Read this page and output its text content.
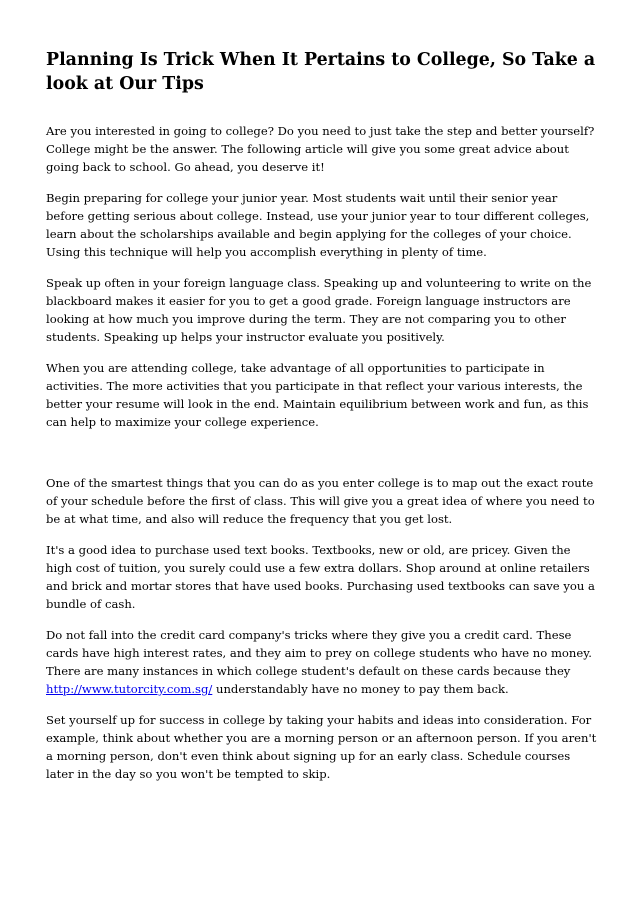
Planning Is Trick When It Pertains to College, So Take a look at Our Tips

Are you interested in going to college? Do you need to just take the step and better yourself? College might be the answer. The following article will give you some great advice about going back to school. Go ahead, you deserve it!

Begin preparing for college your junior year. Most students wait until their senior year before getting serious about college. Instead, use your junior year to tour different colleges, learn about the scholarships available and begin applying for the colleges of your choice. Using this technique will help you accomplish everything in plenty of time.

Speak up often in your foreign language class. Speaking up and volunteering to write on the blackboard makes it easier for you to get a good grade. Foreign language instructors are looking at how much you improve during the term. They are not comparing you to other students. Speaking up helps your instructor evaluate you positively.

When you are attending college, take advantage of all opportunities to participate in activities. The more activities that you participate in that reflect your various interests, the better your resume will look in the end. Maintain equilibrium between work and fun, as this can help to maximize your college experience.

One of the smartest things that you can do as you enter college is to map out the exact route of your schedule before the first of class. This will give you a great idea of where you need to be at what time, and also will reduce the frequency that you get lost.

It's a good idea to purchase used text books. Textbooks, new or old, are pricey. Given the high cost of tuition, you surely could use a few extra dollars. Shop around at online retailers and brick and mortar stores that have used books. Purchasing used textbooks can save you a bundle of cash.

Do not fall into the credit card company's tricks where they give you a credit card. These cards have high interest rates, and they aim to prey on college students who have no money. There are many instances in which college student's default on these cards because they http://www.tutorcity.com.sg/ understandably have no money to pay them back.

Set yourself up for success in college by taking your habits and ideas into consideration. For example, think about whether you are a morning person or an afternoon person. If you aren't a morning person, don't even think about signing up for an early class. Schedule courses later in the day so you won't be tempted to skip.
